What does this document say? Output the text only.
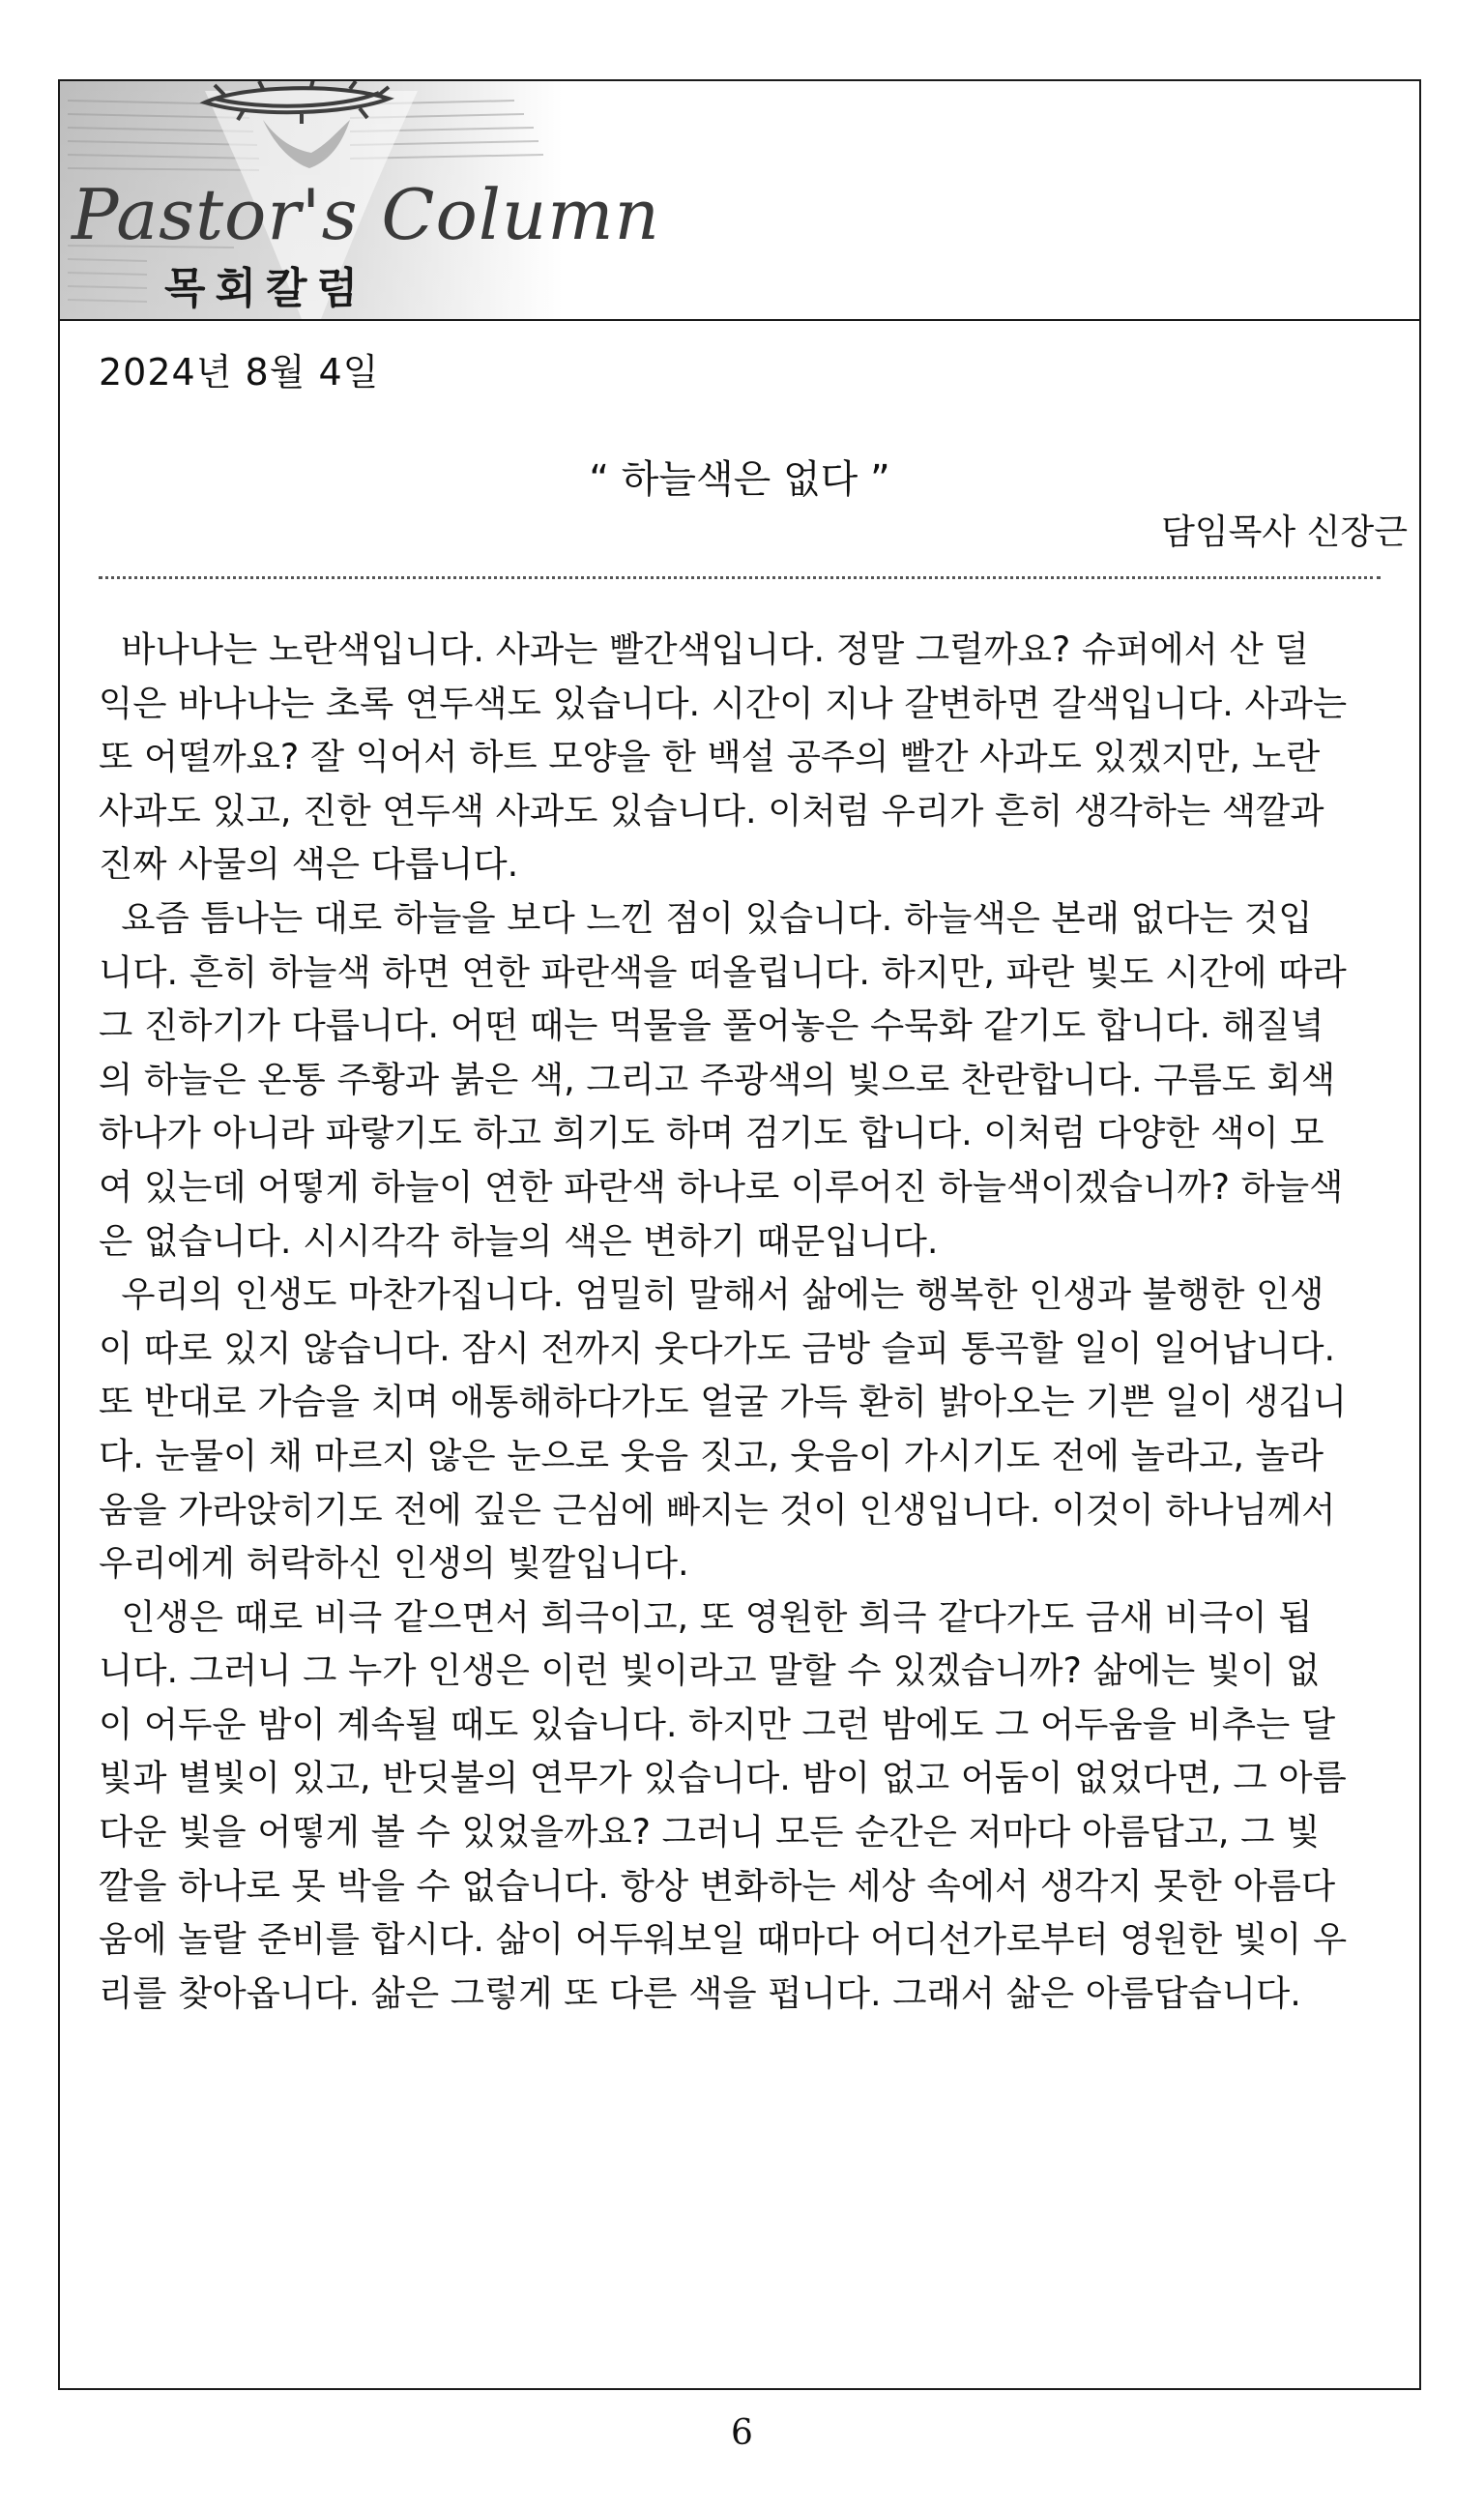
Pastor's Column
목회칼럼
2024년 8월 4일
“ 하늘색은 없다 ”
담임목사 신장근
바나나는 노란색입니다. 사과는 빨간색입니다. 정말 그럴까요? 슈퍼에서 산 덜
익은 바나나는 초록 연두색도 있습니다. 시간이 지나 갈변하면 갈색입니다. 사과는
또 어떨까요? 잘 익어서 하트 모양을 한 백설 공주의 빨간 사과도 있겠지만, 노란
사과도 있고, 진한 연두색 사과도 있습니다. 이처럼 우리가 흔히 생각하는 색깔과
진짜 사물의 색은 다릅니다.
요즘 틈나는 대로 하늘을 보다 느낀 점이 있습니다. 하늘색은 본래 없다는 것입
니다. 흔히 하늘색 하면 연한 파란색을 떠올립니다. 하지만, 파란 빛도 시간에 따라
그 진하기가 다릅니다. 어떤 때는 먹물을 풀어놓은 수묵화 같기도 합니다. 해질녘
의 하늘은 온통 주황과 붉은 색, 그리고 주광색의 빛으로 찬란합니다. 구름도 회색
하나가 아니라 파랗기도 하고 희기도 하며 검기도 합니다. 이처럼 다양한 색이 모
여 있는데 어떻게 하늘이 연한 파란색 하나로 이루어진 하늘색이겠습니까? 하늘색
은 없습니다. 시시각각 하늘의 색은 변하기 때문입니다.
우리의 인생도 마찬가집니다. 엄밀히 말해서 삶에는 행복한 인생과 불행한 인생
이 따로 있지 않습니다. 잠시 전까지 웃다가도 금방 슬피 통곡할 일이 일어납니다.
또 반대로 가슴을 치며 애통해하다가도 얼굴 가득 환히 밝아오는 기쁜 일이 생깁니
다. 눈물이 채 마르지 않은 눈으로 웃음 짓고, 웃음이 가시기도 전에 놀라고, 놀라
움을 가라앉히기도 전에 깊은 근심에 빠지는 것이 인생입니다. 이것이 하나님께서
우리에게 허락하신 인생의 빛깔입니다.
인생은 때로 비극 같으면서 희극이고, 또 영원한 희극 같다가도 금새 비극이 됩
니다. 그러니 그 누가 인생은 이런 빛이라고 말할 수 있겠습니까? 삶에는 빛이 없
이 어두운 밤이 계속될 때도 있습니다. 하지만 그런 밤에도 그 어두움을 비추는 달
빛과 별빛이 있고, 반딧불의 연무가 있습니다. 밤이 없고 어둠이 없었다면, 그 아름
다운 빛을 어떻게 볼 수 있었을까요? 그러니 모든 순간은 저마다 아름답고, 그 빛
깔을 하나로 못 박을 수 없습니다. 항상 변화하는 세상 속에서 생각지 못한 아름다
움에 놀랄 준비를 합시다. 삶이 어두워보일 때마다 어디선가로부터 영원한 빛이 우
리를 찾아옵니다. 삶은 그렇게 또 다른 색을 펍니다. 그래서 삶은 아름답습니다.
6
